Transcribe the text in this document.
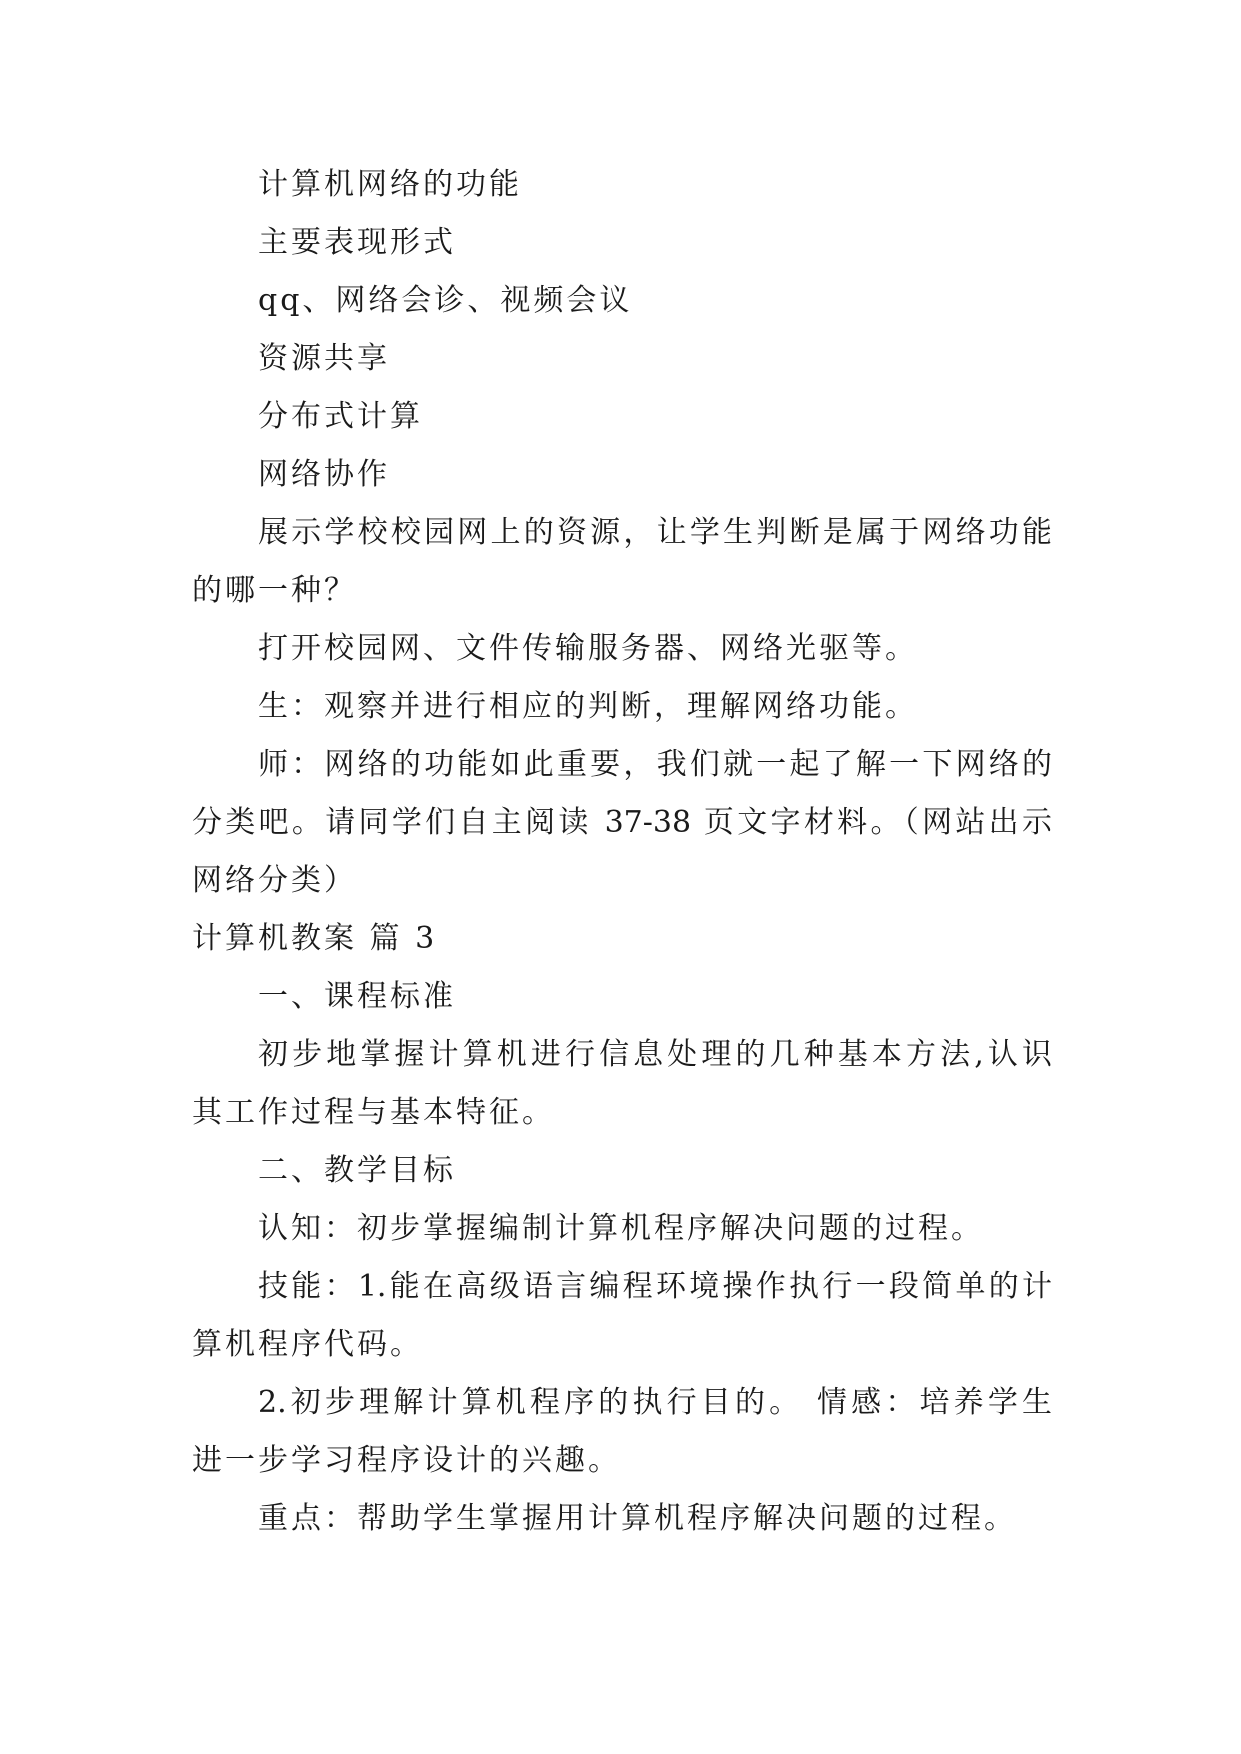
计算机网络的功能
主要表现形式
qq、网络会诊、视频会议
资源共享
分布式计算
网络协作
展示学校校园网上的资源，让学生判断是属于网络功能
的哪一种？
打开校园网、文件传输服务器、网络光驱等。
生：观察并进行相应的判断，理解网络功能。
师：网络的功能如此重要，我们就一起了解一下网络的
分类吧。请同学们自主阅读 37-38 页文字材料。（网站出示
网络分类）
计算机教案 篇 3
一、课程标准
初步地掌握计算机进行信息处理的几种基本方法,认识
其工作过程与基本特征。
二、教学目标
认知：初步掌握编制计算机程序解决问题的过程。
技能：1.能在高级语言编程环境操作执行一段简单的计
算机程序代码。
2.初步理解计算机程序的执行目的。 情感：培养学生
进一步学习程序设计的兴趣。
重点：帮助学生掌握用计算机程序解决问题的过程。
